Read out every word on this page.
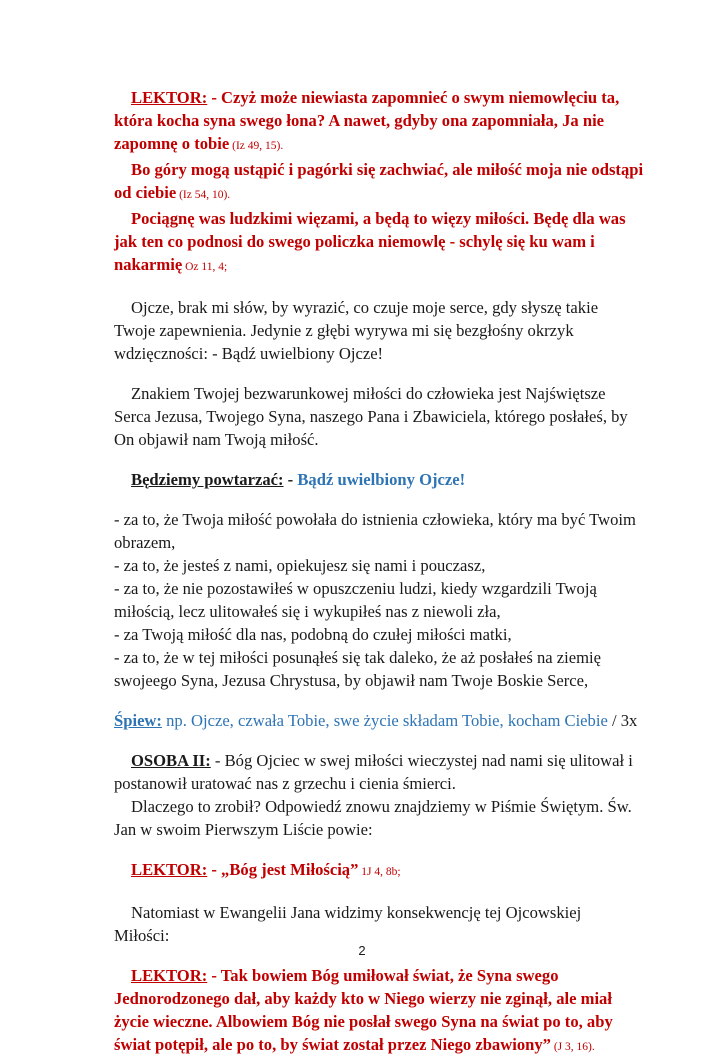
LEKTOR: - Czyż może niewiasta zapomnieć o swym niemowlęciu ta, która kocha syna swego łona? A nawet, gdyby ona zapomniała, Ja nie zapomnę o tobie (Iz 49, 15).

Bo góry mogą ustąpić i pagórki się zachwiać, ale miłość moja nie odstąpi od ciebie (Iz 54, 10).

Pociągnę was ludzkimi więzami, a będą to więzy miłości. Będę dla was jak ten co podnosi do swego policzka niemowlę - schylę się ku wam i nakarmię Oz 11, 4;

Ojcze, brak mi słów, by wyrazić, co czuje moje serce, gdy słyszę takie Twoje zapewnienia. Jedynie z głębi wyrywa mi się bezgłośny okrzyk wdzięczności: - Bądź uwielbiony Ojcze!

Znakiem Twojej bezwarunkowej miłości do człowieka jest Najświętsze Serca Jezusa, Twojego Syna, naszego Pana i Zbawiciela, którego posłałeś, by On objawił nam Twoją miłość.

Będziemy powtarzać: - Bądź uwielbiony Ojcze!

- za to, że Twoja miłość powołała do istnienia człowieka, który ma być Twoim obrazem,

- za to, że jesteś z nami, opiekujesz się nami i pouczasz,

- za to, że nie pozostawiłeś w opuszczeniu ludzi, kiedy wzgardzili Twoją miłością, lecz ulitowałeś się i wykupiłeś nas z niewoli zła,

- za Twoją miłość dla nas, podobną do czułej miłości matki,

- za to, że w tej miłości posunąłeś się tak daleko, że aż posłałeś na ziemię swojeego Syna, Jezusa Chrystusa, by objawił nam Twoje Boskie Serce,

Śpiew: np. Ojcze, czwała Tobie, swe życie składam Tobie, kocham Ciebie / 3x

OSOBA II: - Bóg Ojciec w swej miłości wieczystej nad nami się ulitował i postanowił uratować nas z grzechu i cienia śmierci.

Dlaczego to zrobił? Odpowiedź znowu znajdziemy w Piśmie Świętym. Św. Jan w swoim Pierwszym Liście powie:

LEKTOR: - „Bóg jest Miłością” 1J 4, 8b;

Natomiast w Ewangelii Jana widzimy konsekwencję tej Ojcowskiej Miłości:

LEKTOR: - Tak bowiem Bóg umiłował świat, że Syna swego Jednorodzonego dał, aby każdy kto w Niego wierzy nie zginął, ale miał życie wieczne. Albowiem Bóg nie posłał swego Syna na świat po to, aby świat potępił, ale po to, by świat został przez Niego zbawiony” (J 3, 16).

2
